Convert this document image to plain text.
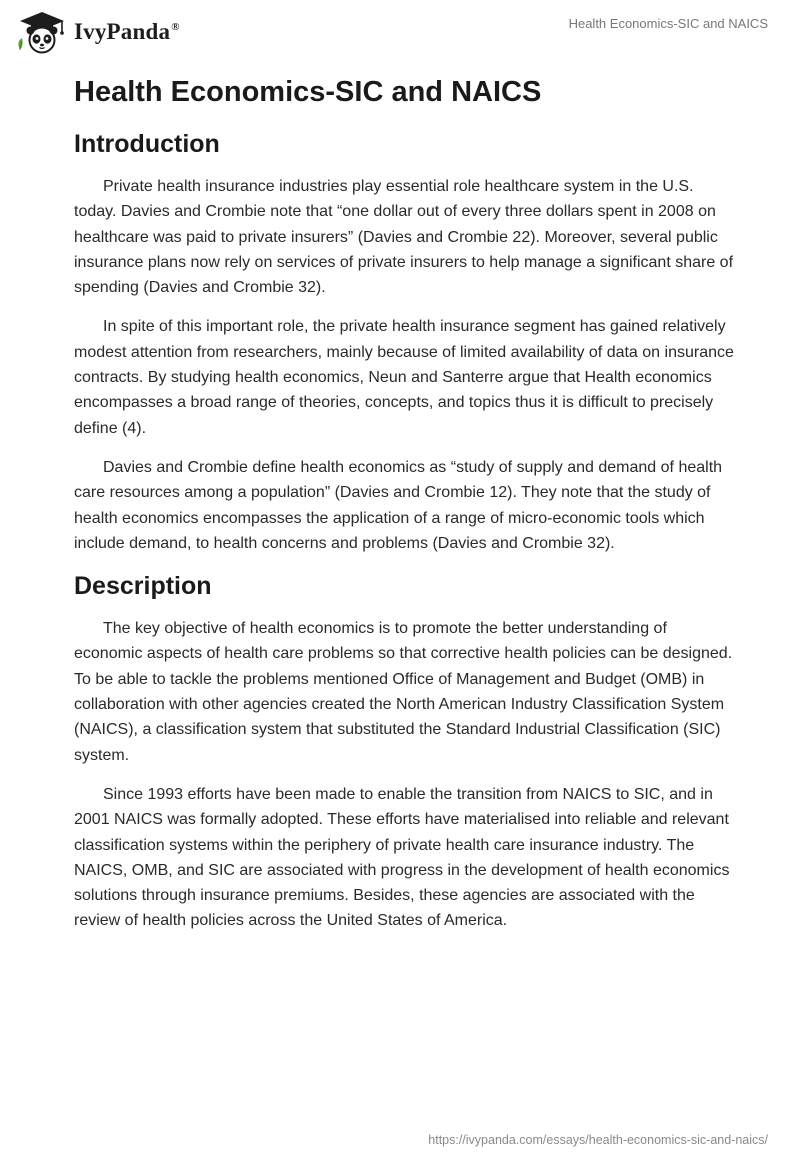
IvyPanda®	Health Economics-SIC and NAICS
Health Economics-SIC and NAICS
Introduction

Private health insurance industries play essential role healthcare system in the U.S. today. Davies and Crombie note that “one dollar out of every three dollars spent in 2008 on healthcare was paid to private insurers” (Davies and Crombie 22). Moreover, several public insurance plans now rely on services of private insurers to help manage a significant share of spending (Davies and Crombie 32).

In spite of this important role, the private health insurance segment has gained relatively modest attention from researchers, mainly because of limited availability of data on insurance contracts. By studying health economics, Neun and Santerre argue that Health economics encompasses a broad range of theories, concepts, and topics thus it is difficult to precisely define (4).

Davies and Crombie define health economics as “study of supply and demand of health care resources among a population” (Davies and Crombie 12). They note that the study of health economics encompasses the application of a range of micro-economic tools which include demand, to health concerns and problems (Davies and Crombie 32).

Description

The key objective of health economics is to promote the better understanding of economic aspects of health care problems so that corrective health policies can be designed. To be able to tackle the problems mentioned Office of Management and Budget (OMB) in collaboration with other agencies created the North American Industry Classification System (NAICS), a classification system that substituted the Standard Industrial Classification (SIC) system.

Since 1993 efforts have been made to enable the transition from NAICS to SIC, and in 2001 NAICS was formally adopted. These efforts have materialised into reliable and relevant classification systems within the periphery of private health care insurance industry. The NAICS, OMB, and SIC are associated with progress in the development of health economics solutions through insurance premiums. Besides, these agencies are associated with the review of health policies across the United States of America.

https://ivypanda.com/essays/health-economics-sic-and-naics/
